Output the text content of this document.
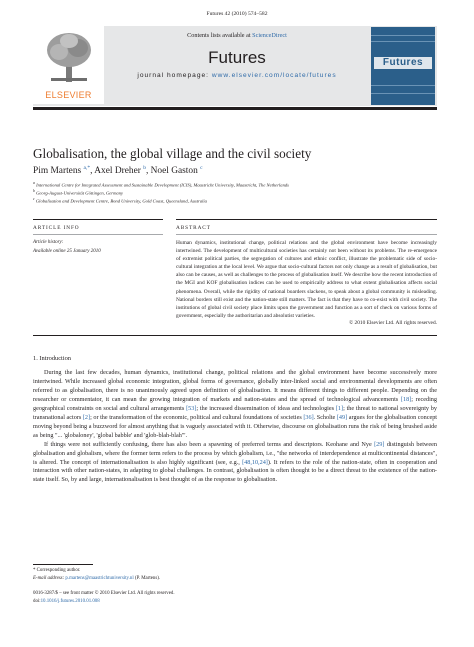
Futures 42 (2010) 574–582
ELSEVIER
Contents lists available at ScienceDirect
Futures
journal homepage: www.elsevier.com/locate/futures
Futures
Globalisation, the global village and the civil society
Pim Martens $^{a,*}$, Axel Dreher $^b$, Noel Gaston $^c$
$^a$ International Centre for Integrated Assessment and Sustainable Development (ICIS), Maastricht University, Maastricht, The Netherlands
$^b$ Georg-August-Universität Göttingen, Germany
$^c$ Globalisation and Development Centre, Bond University, Gold Coast, Queensland, Australia
ARTICLE INFO	ABSTRACT
Article history:
Available online 25 January 2010
Human dynamics, institutional change, political relations and the global environment have become increasingly intertwined. The development of multicultural societies has certainly not been without its problems. The re-emergence of extremist political parties, the segregation of cultures and ethnic conflict, illustrate the problematic side of socio-cultural integration at the local level. We argue that socio-cultural factors not only change as a result of globalisation, but also can be causes, as well as challenges to the process of globalisation itself. We describe how the recent introduction of the MGI and KOF globalisation indices can be used to empirically address to what extent globalisation affects social phenomena. Overall, while the rigidity of national boarders slackens, to speak about a global community is misleading. National borders still exist and the nation-state still matters. The fact is that they have to co-exist with civil society. The institutions of global civil society place limits upon the government and function as a sort of check on various forms of government, especially the authoritarian and absolutist varieties.
© 2010 Elsevier Ltd. All rights reserved.
1. Introduction

During the last few decades, human dynamics, institutional change, political relations and the global environment have become successively more intertwined. While increased global economic integration, global forms of governance, globally inter-linked social and environmental developments are often referred to as globalisation, there is no unanimously agreed upon definition of globalisation. It means different things to different people. Depending on the researcher or commentator, it can mean the growing integration of markets and nation-states and the spread of technological advancements [18]; receding geographical constraints on social and cultural arrangements [53]; the increased dissemination of ideas and technologies [1]; the threat to national sovereignty by transnational actors [2]; or the transformation of the economic, political and cultural foundations of societies [36]. Scholte [49] argues for the globalisation concept moving beyond being a buzzword for almost anything that is vaguely associated with it. Otherwise, discourse on globalisation runs the risk of being brushed aside as being "... 'globaloney', 'global babble' and 'glob-blah-blah'".

If things were not sufficiently confusing, there has also been a spawning of preferred terms and descriptors. Keohane and Nye [29] distinguish between globalisation and globalism, where the former term refers to the process by which globalism, i.e., "the networks of interdependence at multicontinental distances", is altered. The concept of internationalisation is also highly significant (see, e.g., [48,10,24]). It refers to the role of the nation-state, often in cooperation and interaction with other nation-states, in adapting to global challenges. In contrast, globalisation is often thought to be a direct threat to the existence of the nation-state itself. So, by and large, internationalisation is best thought of as the response to globalisation.

* Corresponding author.
E-mail address: p.martens@maastrichtuniversity.nl (P. Martens).
0016-3287/$ – see front matter © 2010 Elsevier Ltd. All rights reserved.
doi:10.1016/j.futures.2010.01.008
